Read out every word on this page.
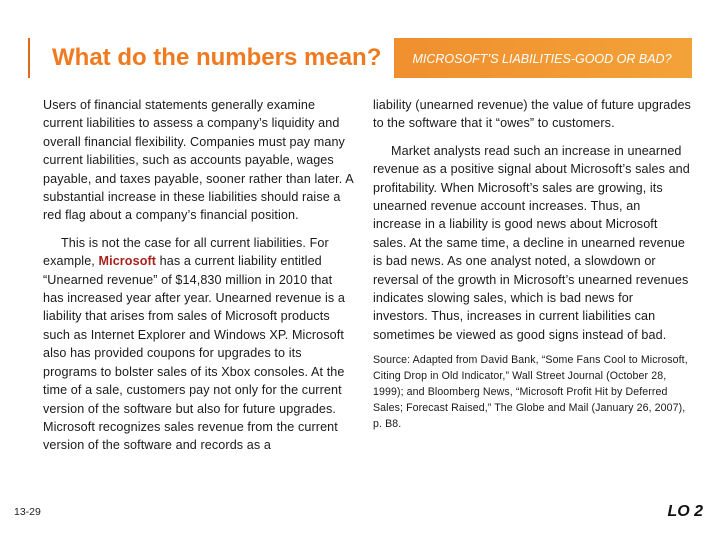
What do the numbers mean?	MICROSOFT’S LIABILITIES-GOOD OR BAD?

Users of financial statements generally examine current liabilities to assess a company’s liquidity and overall financial flexibility. Companies must pay many current liabilities, such as accounts payable, wages payable, and taxes payable, sooner rather than later. A substantial increase in these liabilities should raise a red flag about a company’s financial position.

This is not the case for all current liabilities. For example, Microsoft has a current liability entitled “Unearned revenue” of $14,830 million in 2010 that has increased year after year. Unearned revenue is a liability that arises from sales of Microsoft products such as Internet Explorer and Windows XP. Microsoft also has provided coupons for upgrades to its programs to bolster sales of its Xbox consoles. At the time of a sale, customers pay not only for the current version of the software but also for future upgrades. Microsoft recognizes sales revenue from the current version of the software and records as a

liability (unearned revenue) the value of future upgrades to the software that it “owes” to customers.

Market analysts read such an increase in unearned revenue as a positive signal about Microsoft’s sales and profitability. When Microsoft’s sales are growing, its unearned revenue account increases. Thus, an increase in a liability is good news about Microsoft sales. At the same time, a decline in unearned revenue is bad news. As one analyst noted, a slowdown or reversal of the growth in Microsoft’s unearned revenues indicates slowing sales, which is bad news for investors. Thus, increases in current liabilities can sometimes be viewed as good signs instead of bad.

Source: Adapted from David Bank, “Some Fans Cool to Microsoft, Citing Drop in Old Indicator,” Wall Street Journal (October 28, 1999); and Bloomberg News, “Microsoft Profit Hit by Deferred Sales; Forecast Raised,” The Globe and Mail (January 26, 2007), p. B8.

13-29	LO 2
